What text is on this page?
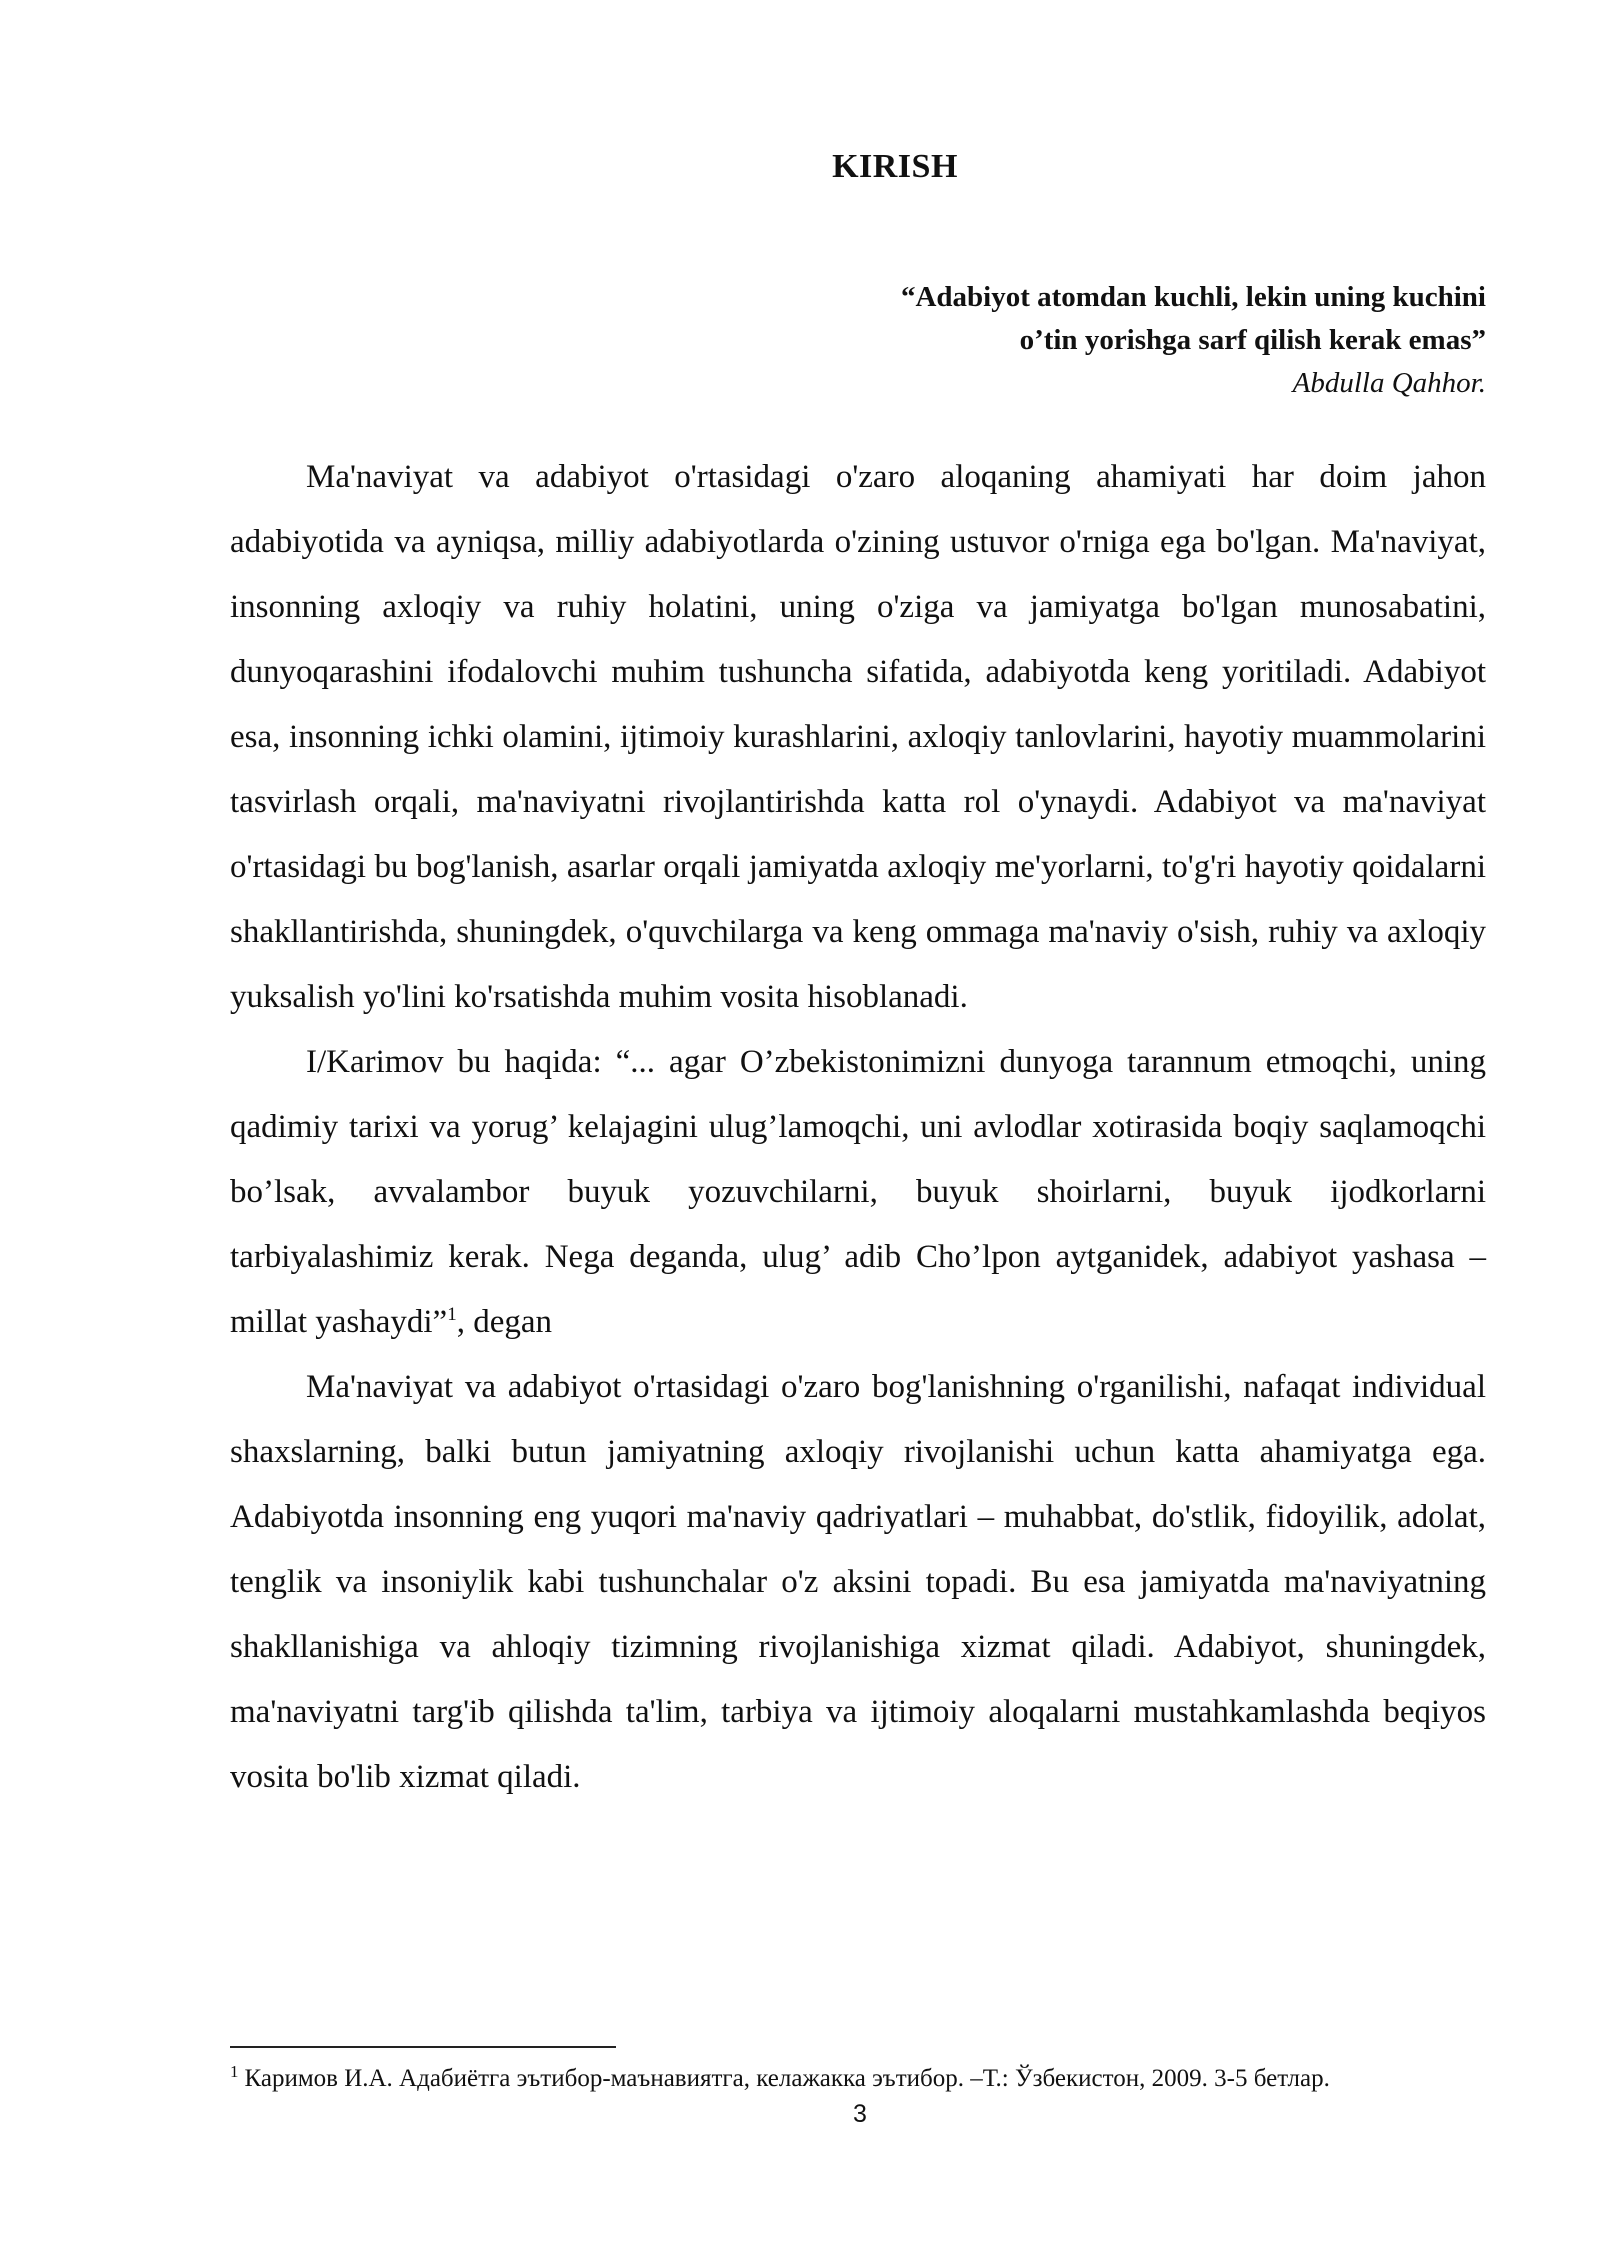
KIRISH
“Adabiyot atomdan kuchli, lekin uning kuchini
o’tin yorishga sarf qilish kerak emas”
Abdulla Qahhor.

Ma'naviyat va adabiyot o'rtasidagi o'zaro aloqaning ahamiyati har doim jahon adabiyotida va ayniqsa, milliy adabiyotlarda o'zining ustuvor o'rniga ega bo'lgan. Ma'naviyat, insonning axloqiy va ruhiy holatini, uning o'ziga va jamiyatga bo'lgan munosabatini, dunyoqarashini ifodalovchi muhim tushuncha sifatida, adabiyotda keng yoritiladi. Adabiyot esa, insonning ichki olamini, ijtimoiy kurashlarini, axloqiy tanlovlarini, hayotiy muammolarini tasvirlash orqali, ma'naviyatni rivojlantirishda katta rol o'ynaydi. Adabiyot va ma'naviyat o'rtasidagi bu bog'lanish, asarlar orqali jamiyatda axloqiy me'yorlarni, to'g'ri hayotiy qoidalarni shakllantirishda, shuningdek, o'quvchilarga va keng ommaga ma'naviy o'sish, ruhiy va axloqiy yuksalish yo'lini ko'rsatishda muhim vosita hisoblanadi.

I/Karimov bu haqida: “... agar O’zbekistonimizni dunyoga tarannum etmoqchi, uning qadimiy tarixi va yorug’ kelajagini ulug’lamoqchi, uni avlodlar xotirasida boqiy saqlamoqchi bo’lsak, avvalambor buyuk yozuvchilarni, buyuk shoirlarni, buyuk ijodkorlarni tarbiyalashimiz kerak. Nega deganda, ulug’ adib Cho’lpon aytganidek, adabiyot yashasa – millat yashaydi”$^1$, degan

Ma'naviyat va adabiyot o'rtasidagi o'zaro bog'lanishning o'rganilishi, nafaqat individual shaxslarning, balki butun jamiyatning axloqiy rivojlanishi uchun katta ahamiyatga ega. Adabiyotda insonning eng yuqori ma'naviy qadriyatlari – muhabbat, do'stlik, fidoyilik, adolat, tenglik va insoniylik kabi tushunchalar o'z aksini topadi. Bu esa jamiyatda ma'naviyatning shakllanishiga va ahloqiy tizimning rivojlanishiga xizmat qiladi. Adabiyot, shuningdek, ma'naviyatni targ'ib qilishda ta'lim, tarbiya va ijtimoiy aloqalarni mustahkamlashda beqiyos vosita bo'lib xizmat qiladi.

$^1$ Каримов И.А. Адабиётга эътибор-маънавиятга, келажакка эътибор. –Т.: Ўзбекистон, 2009. 3-5 бетлар.
3
